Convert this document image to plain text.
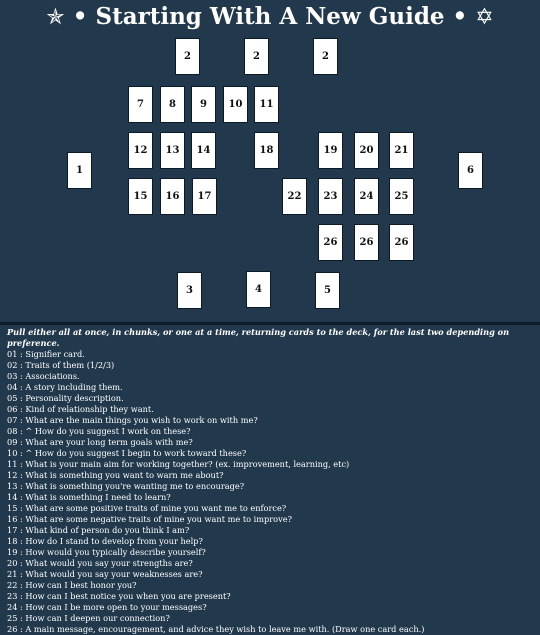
✯ • Starting With A New Guide • ✡
2	2	2
7	8	9	10	11
12	13	14	18	19	20	21
1	6
15	16	17	22	23	24	25
26	26	26
3	4	5
Pull either all at once, in chunks, or one at a time, returning cards to the deck, for the last two depending on preference.
01 : Signifier card.
02 : Traits of them (1/2/3)
03 : Associations.
04 : A story including them.
05 : Personality description.
06 : Kind of relationship they want.
07 : What are the main things you wish to work on with me?
08 : ^ How do you suggest I work on these?
09 : What are your long term goals with me?
10 : ^ How do you suggest I begin to work toward these?
11 : What is your main aim for working together? (ex. improvement, learning, etc)
12 : What is something you want to warn me about?
13 : What is something you're wanting me to encourage?
14 : What is something I need to learn?
15 : What are some positive traits of mine you want me to enforce?
16 : What are some negative traits of mine you want me to improve?
17 : What kind of person do you think I am?
18 : How do I stand to develop from your help?
19 : How would you typically describe yourself?
20 : What would you say your strengths are?
21 : What would you say your weaknesses are?
22 : How can I best honor you?
23 : How can I best notice you when you are present?
24 : How can I be more open to your messages?
25 : How can I deepen our connection?
26 : A main message, encouragement, and advice they wish to leave me with. (Draw one card each.)
